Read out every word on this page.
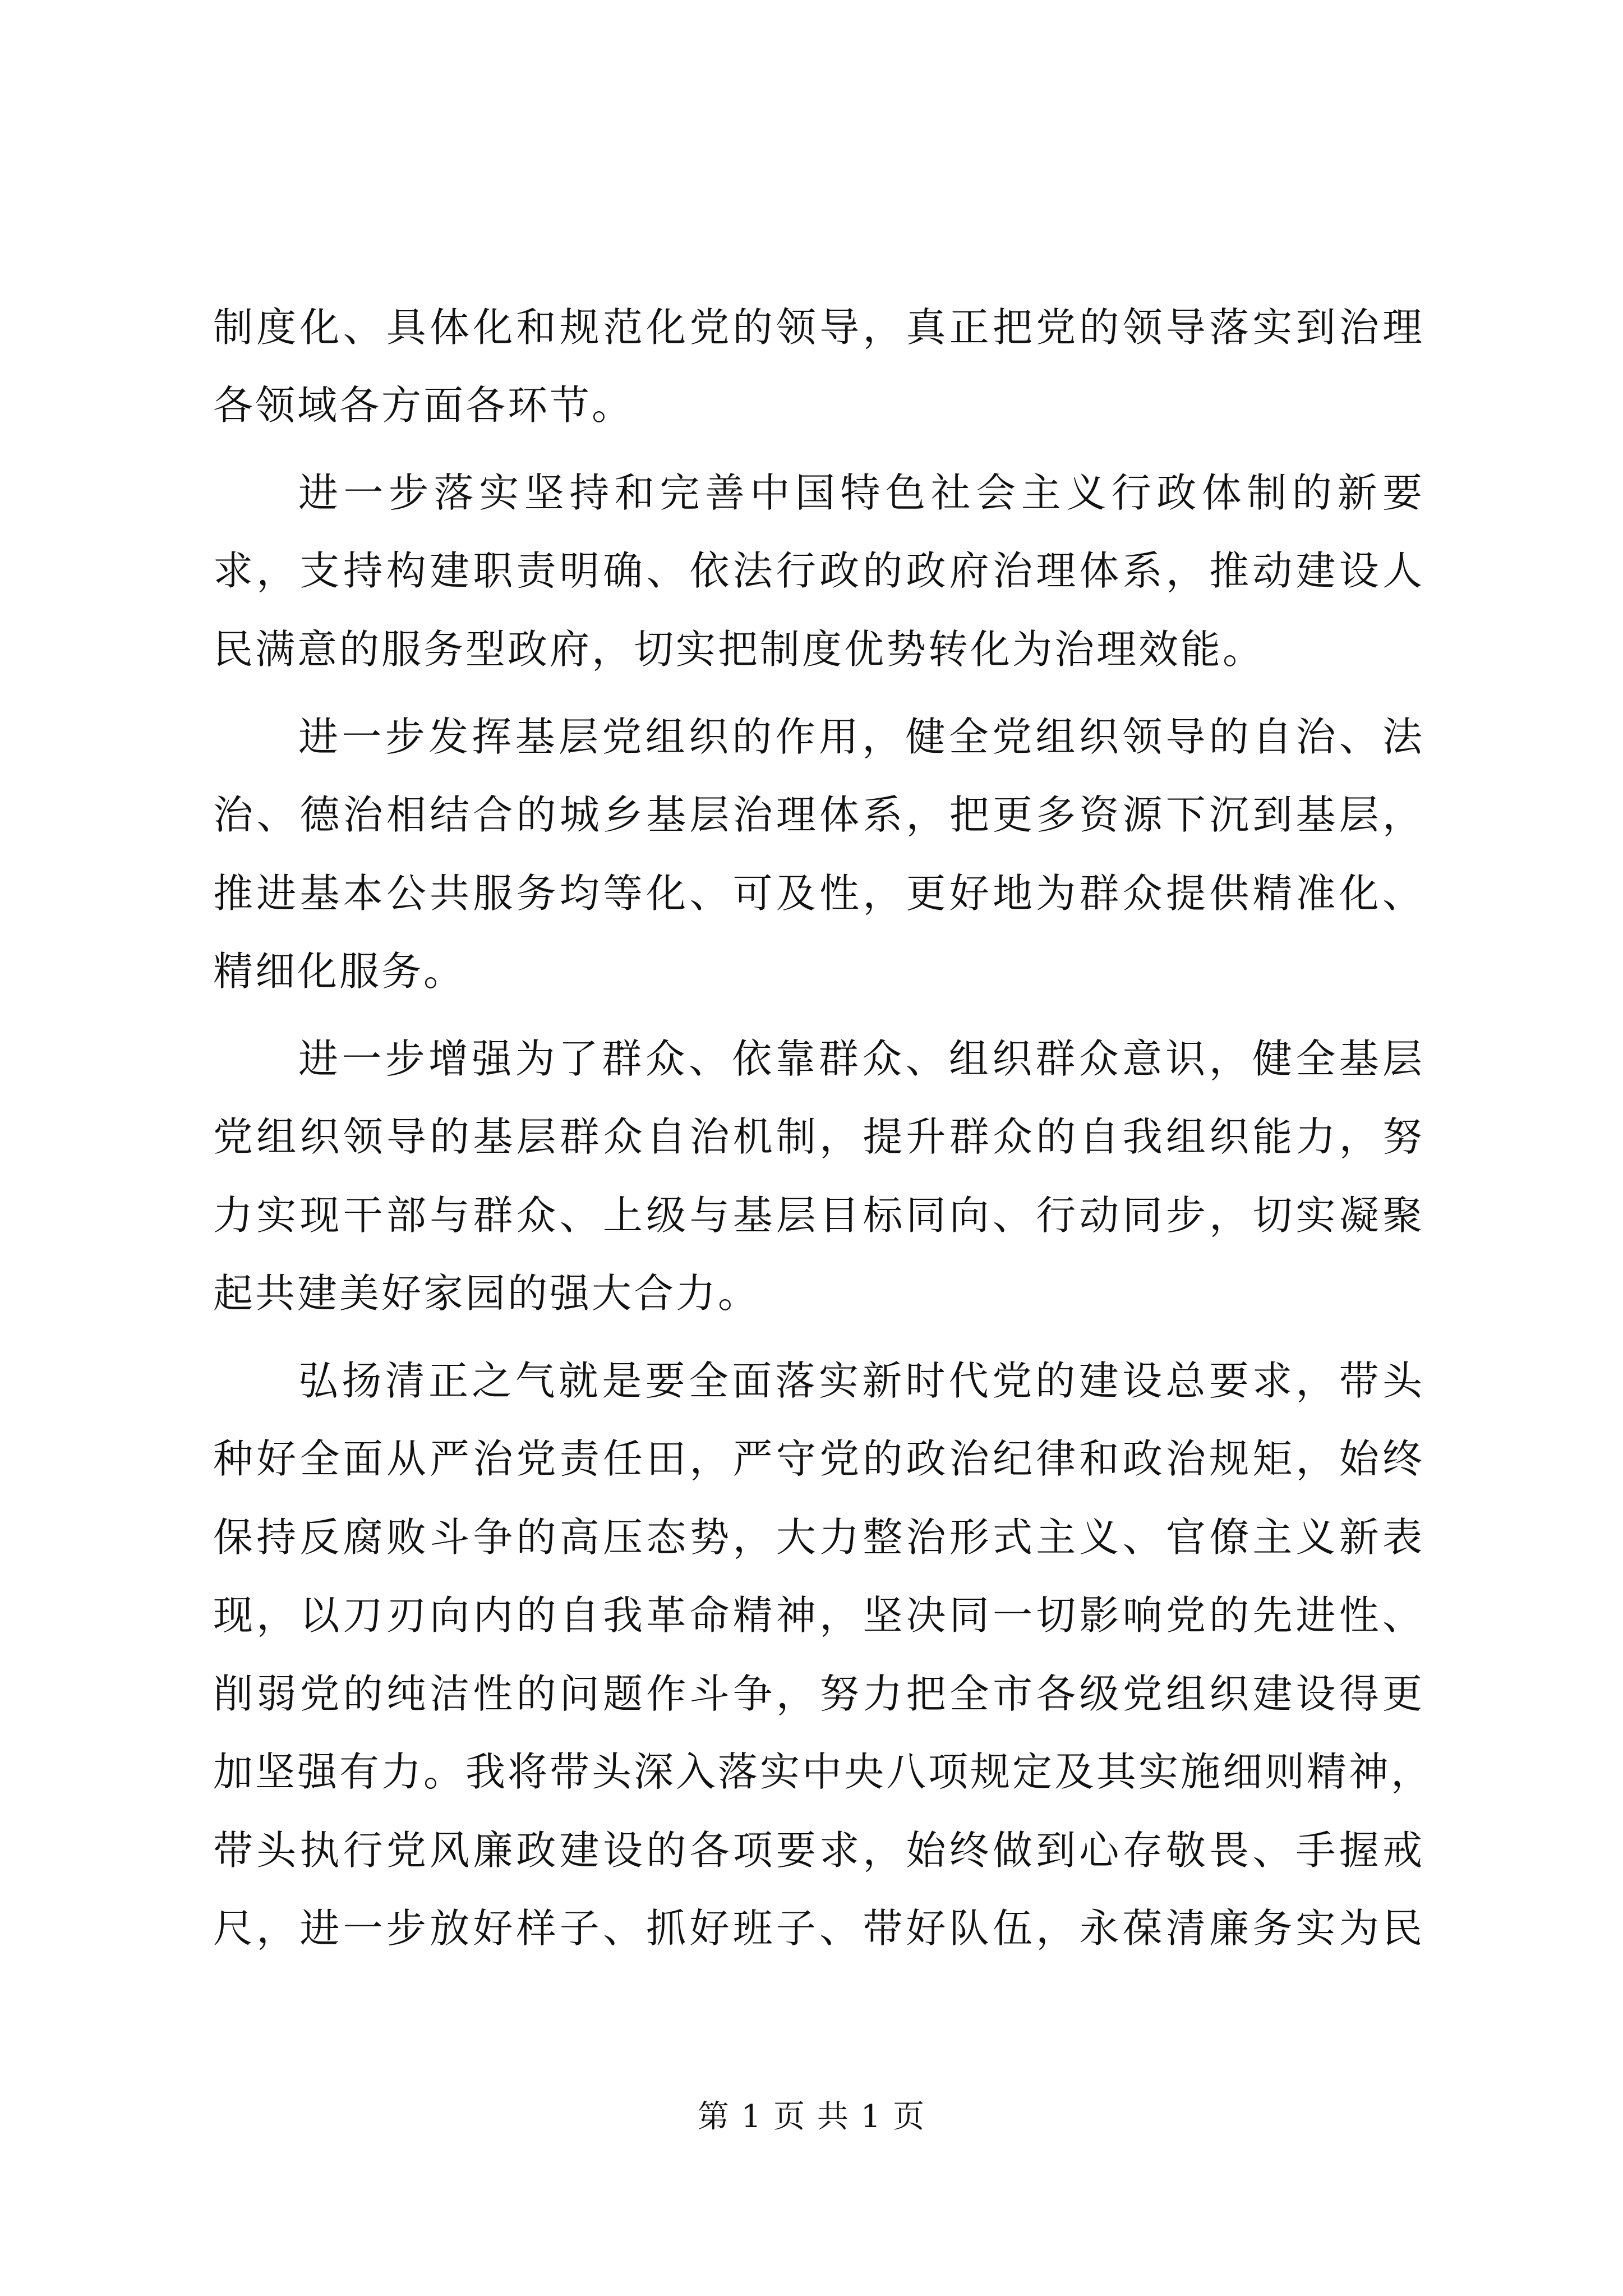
制度化、具体化和规范化党的领导，真正把党的领导落实到治理
各领域各方面各环节。
进一步落实坚持和完善中国特色社会主义行政体制的新要
求，支持构建职责明确、依法行政的政府治理体系，推动建设人
民满意的服务型政府，切实把制度优势转化为治理效能。
进一步发挥基层党组织的作用，健全党组织领导的自治、法
治、德治相结合的城乡基层治理体系，把更多资源下沉到基层，
推进基本公共服务均等化、可及性，更好地为群众提供精准化、
精细化服务。
进一步增强为了群众、依靠群众、组织群众意识，健全基层
党组织领导的基层群众自治机制，提升群众的自我组织能力，努
力实现干部与群众、上级与基层目标同向、行动同步，切实凝聚
起共建美好家园的强大合力。
弘扬清正之气就是要全面落实新时代党的建设总要求，带头
种好全面从严治党责任田，严守党的政治纪律和政治规矩，始终
保持反腐败斗争的高压态势，大力整治形式主义、官僚主义新表
现，以刀刃向内的自我革命精神，坚决同一切影响党的先进性、
削弱党的纯洁性的问题作斗争，努力把全市各级党组织建设得更
加坚强有力。我将带头深入落实中央八项规定及其实施细则精神，
带头执行党风廉政建设的各项要求，始终做到心存敬畏、手握戒
尺，进一步放好样子、抓好班子、带好队伍，永葆清廉务实为民
第 1 页 共 1 页
